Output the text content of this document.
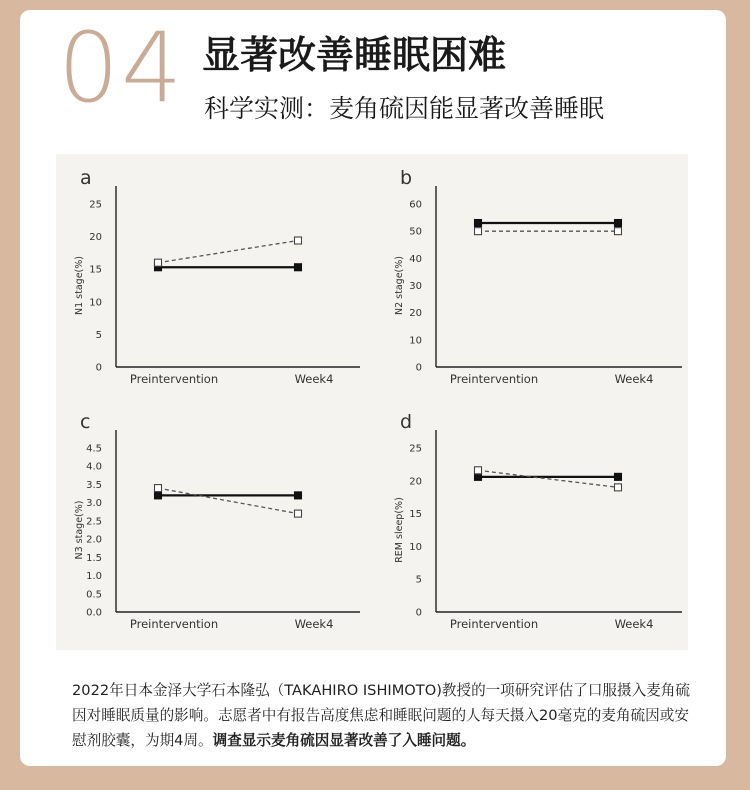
04 显著改善睡眠困难
科学实测：麦角硫因能显著改善睡眠
a
0
5
10
15
20
25
N1 stage(%)
Preintervention	Week4
b
0
10
20
30
40
50
60
N2 stage(%)
Preintervention	Week4
c
0.0
0.5
1.0
1.5
2.0
2.5
3.0
3.5
4.0
4.5
N3 stage(%)
Preintervention	Week4
d
0
5
10
15
20
25
REM sleep(%)
Preintervention	Week4
2022年日本金泽大学石本隆弘（TAKAHIRO ISHIMOTO)教授的一项研究评估了口服摄入麦角硫因对睡眠质量的影响。志愿者中有报告高度焦虑和睡眠问题的人每天摄入20毫克的麦角硫因或安慰剂胶囊，为期4周。调查显示麦角硫因显著改善了入睡问题。
